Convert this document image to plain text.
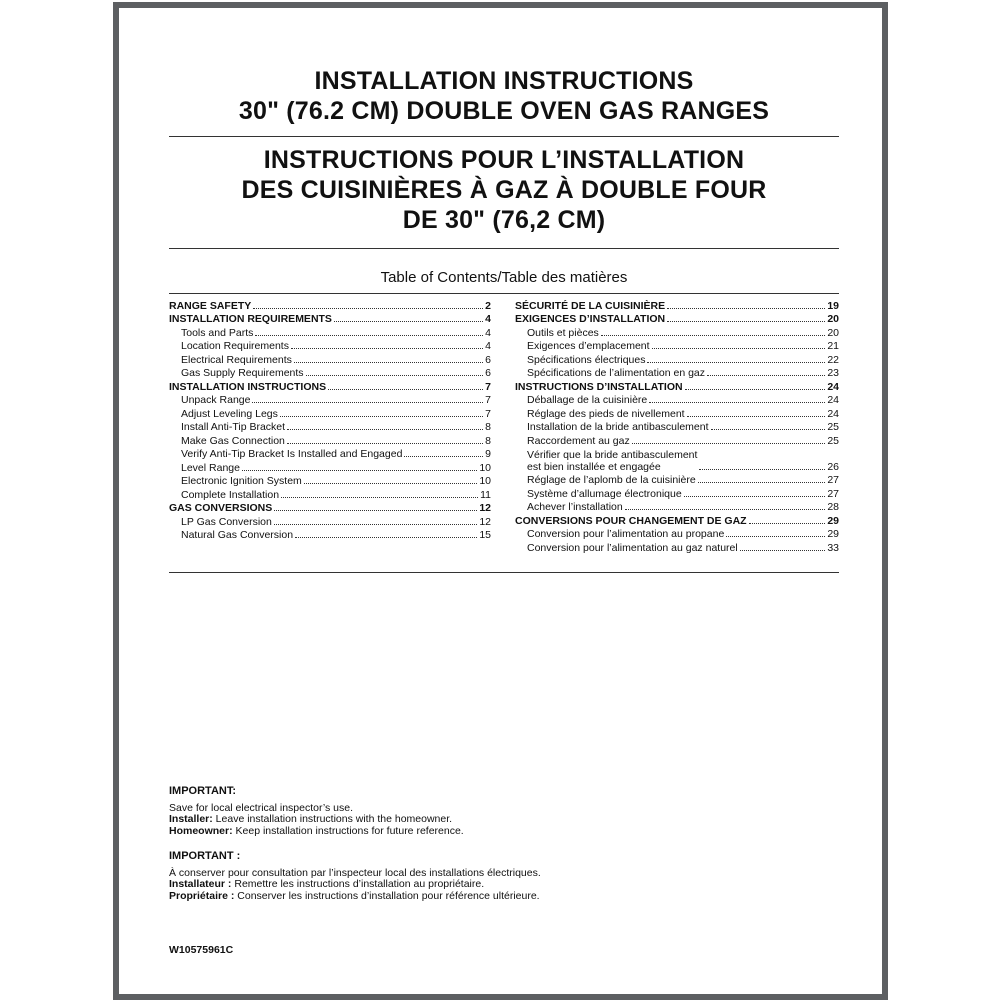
INSTALLATION INSTRUCTIONS
30" (76.2 CM) DOUBLE OVEN GAS RANGES
INSTRUCTIONS POUR L’INSTALLATION
DES CUISINIÈRES À GAZ À DOUBLE FOUR
DE 30" (76,2 CM)
Table of Contents/Table des matières
RANGE SAFETY	2
INSTALLATION REQUIREMENTS	4
Tools and Parts	4
Location Requirements	4
Electrical Requirements	6
Gas Supply Requirements	6
INSTALLATION INSTRUCTIONS	7
Unpack Range	7
Adjust Leveling Legs	7
Install Anti-Tip Bracket	8
Make Gas Connection	8
Verify Anti-Tip Bracket Is Installed and Engaged	9
Level Range	10
Electronic Ignition System	10
Complete Installation	11
GAS CONVERSIONS	12
LP Gas Conversion	12
Natural Gas Conversion	15
SÉCURITÉ DE LA CUISINIÈRE	19
EXIGENCES D’INSTALLATION	20
Outils et pièces	20
Exigences d’emplacement	21
Spécifications électriques	22
Spécifications de l’alimentation en gaz	23
INSTRUCTIONS D’INSTALLATION	24
Déballage de la cuisinière	24
Réglage des pieds de nivellement	24
Installation de la bride antibasculement	25
Raccordement au gaz	25
Vérifier que la bride antibasculement
est bien installée et engagée	26
Réglage de l’aplomb de la cuisinière	27
Système d’allumage électronique	27
Achever l’installation	28
CONVERSIONS POUR CHANGEMENT DE GAZ	29
Conversion pour l’alimentation au propane	29
Conversion pour l’alimentation au gaz naturel	33
IMPORTANT:
Save for local electrical inspector’s use.
Installer: Leave installation instructions with the homeowner.
Homeowner: Keep installation instructions for future reference.
IMPORTANT :
À conserver pour consultation par l’inspecteur local des installations électriques.
Installateur : Remettre les instructions d’installation au propriétaire.
Propriétaire : Conserver les instructions d’installation pour référence ultérieure.
W10575961C
